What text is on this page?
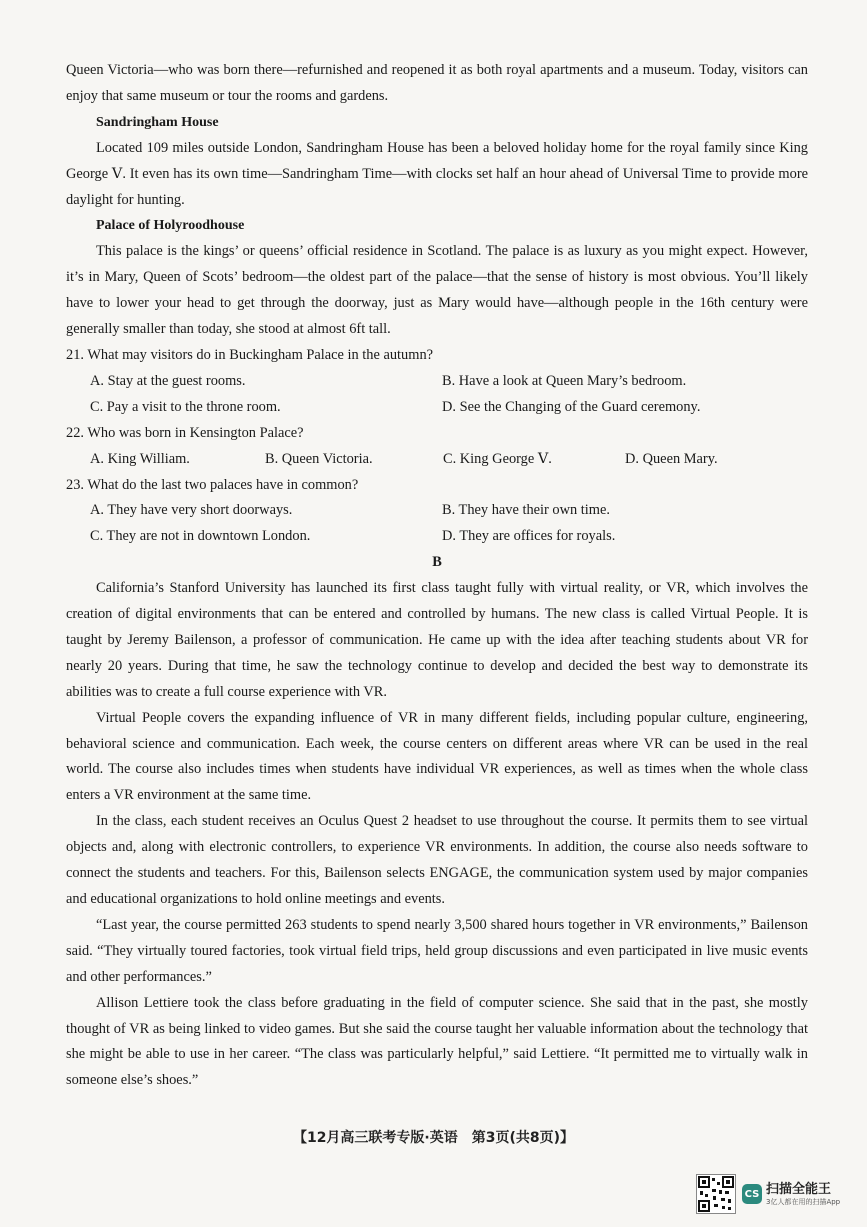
Queen Victoria—who was born there—refurnished and reopened it as both royal apartments and a museum. Today, visitors can enjoy that same museum or tour the rooms and gardens.

Sandringham House

Located 109 miles outside London, Sandringham House has been a beloved holiday home for the royal family since King George Ⅴ. It even has its own time—Sandringham Time—with clocks set half an hour ahead of Universal Time to provide more daylight for hunting.

Palace of Holyroodhouse

This palace is the kings’ or queens’ official residence in Scotland. The palace is as luxury as you might expect. However, it’s in Mary, Queen of Scots’ bedroom—the oldest part of the palace—that the sense of history is most obvious. You’ll likely have to lower your head to get through the doorway, just as Mary would have—although people in the 16th century were generally smaller than today, she stood at almost 6ft tall.

21. What may visitors do in Buckingham Palace in the autumn?

A. Stay at the guest rooms.	B. Have a look at Queen Mary’s bedroom.
C. Pay a visit to the throne room.	D. See the Changing of the Guard ceremony.

22. Who was born in Kensington Palace?

A. King William.	B. Queen Victoria.	C. King George Ⅴ.	D. Queen Mary.

23. What do the last two palaces have in common?

A. They have very short doorways.	B. They have their own time.
C. They are not in downtown London.	D. They are offices for royals.

B

California’s Stanford University has launched its first class taught fully with virtual reality, or VR, which involves the creation of digital environments that can be entered and controlled by humans. The new class is called Virtual People. It is taught by Jeremy Bailenson, a professor of communication. He came up with the idea after teaching students about VR for nearly 20 years. During that time, he saw the technology continue to develop and decided the best way to demonstrate its abilities was to create a full course experience with VR.

Virtual People covers the expanding influence of VR in many different fields, including popular culture, engineering, behavioral science and communication. Each week, the course centers on different areas where VR can be used in the real world. The course also includes times when students have individual VR experiences, as well as times when the whole class enters a VR environment at the same time.

In the class, each student receives an Oculus Quest 2 headset to use throughout the course. It permits them to see virtual objects and, along with electronic controllers, to experience VR environments. In addition, the course also needs software to connect the students and teachers. For this, Bailenson selects ENGAGE, the communication system used by major companies and educational organizations to hold online meetings and events.

“Last year, the course permitted 263 students to spend nearly 3,500 shared hours together in VR environments,” Bailenson said. “They virtually toured factories, took virtual field trips, held group discussions and even participated in live music events and other performances.”

Allison Lettiere took the class before graduating in the field of computer science. She said that in the past, she mostly thought of VR as being linked to video games. But she said the course taught her valuable information about the technology that she might be able to use in her career. “The class was particularly helpful,” said Lettiere. “It permitted me to virtually walk in someone else’s shoes.”

【12月高三联考专版·英语　第3页(共8页)】
CS 扫描全能王
3亿人都在用的扫描App
